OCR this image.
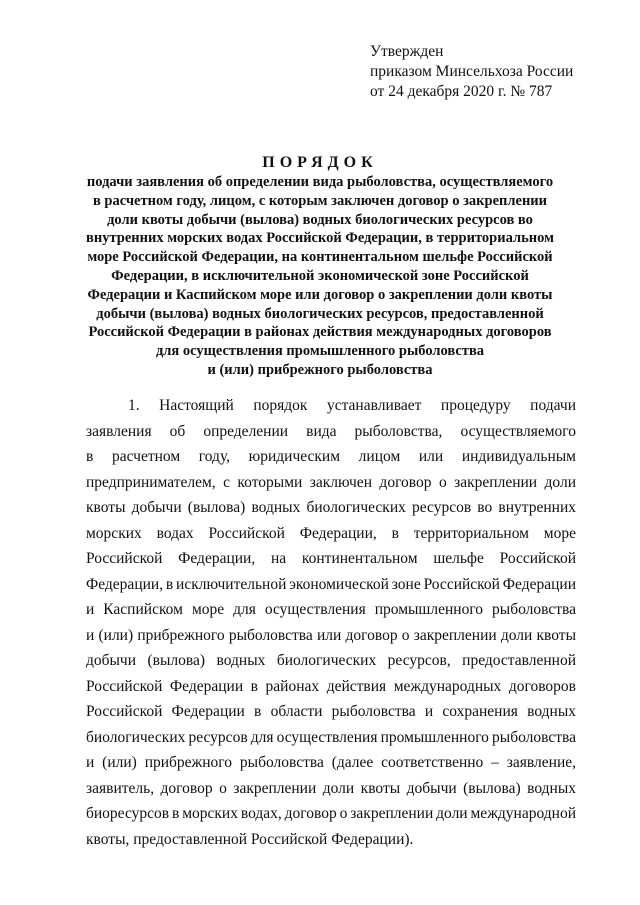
Утвержден
приказом Минсельхоза России
от 24 декабря 2020 г. № 787
ПОРЯДОК
подачи заявления об определении вида рыболовства, осуществляемого
в расчетном году, лицом, с которым заключен договор о закреплении
доли квоты добычи (вылова) водных биологических ресурсов во
внутренних морских водах Российской Федерации, в территориальном
море Российской Федерации, на континентальном шельфе Российской
Федерации, в исключительной экономической зоне Российской
Федерации и Каспийском море или договор о закреплении доли квоты
добычи (вылова) водных биологических ресурсов, предоставленной
Российской Федерации в районах действия международных договоров
для осуществления промышленного рыболовства
и (или) прибрежного рыболовства
1. Настоящий порядок устанавливает процедуру подачи
заявления об определении вида рыболовства, осуществляемого
в расчетном году, юридическим лицом или индивидуальным
предпринимателем, с которыми заключен договор о закреплении доли
квоты добычи (вылова) водных биологических ресурсов во внутренних
морских водах Российской Федерации, в территориальном море
Российской Федерации, на континентальном шельфе Российской
Федерации, в исключительной экономической зоне Российской Федерации
и Каспийском море для осуществления промышленного рыболовства
и (или) прибрежного рыболовства или договор о закреплении доли квоты
добычи (вылова) водных биологических ресурсов, предоставленной
Российской Федерации в районах действия международных договоров
Российской Федерации в области рыболовства и сохранения водных
биологических ресурсов для осуществления промышленного рыболовства
и (или) прибрежного рыболовства (далее соответственно – заявление,
заявитель, договор о закреплении доли квоты добычи (вылова) водных
биоресурсов в морских водах, договор о закреплении доли международной
квоты, предоставленной Российской Федерации).
